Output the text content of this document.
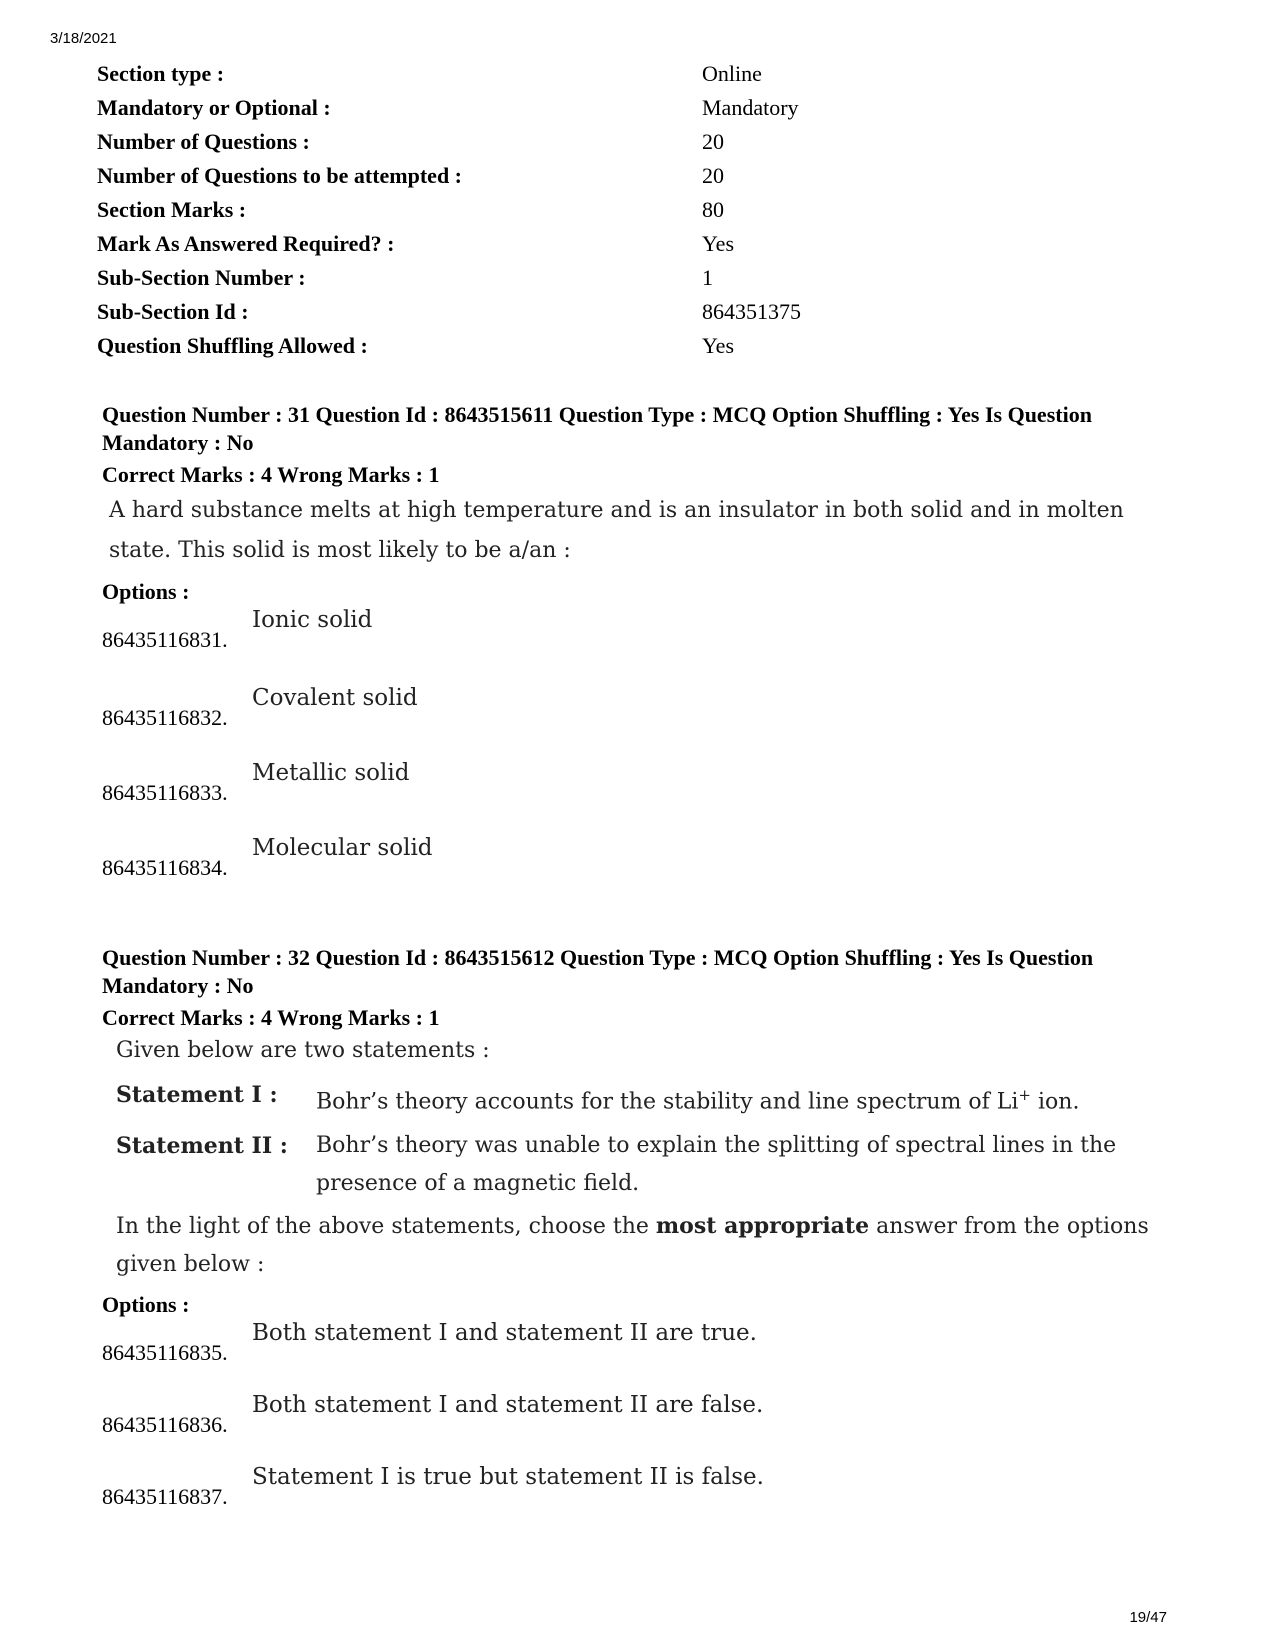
3/18/2021
Section type :	Online
Mandatory or Optional :	Mandatory
Number of Questions :	20
Number of Questions to be attempted :	20
Section Marks :	80
Mark As Answered Required? :	Yes
Sub-Section Number :	1
Sub-Section Id :	864351375
Question Shuffling Allowed :	Yes
Question Number : 31 Question Id : 8643515611 Question Type : MCQ Option Shuffling : Yes Is Question Mandatory : No
Correct Marks : 4 Wrong Marks : 1
A hard substance melts at high temperature and is an insulator in both solid and in molten state. This solid is most likely to be a/an :
Options :
86435116831.
Ionic solid
86435116832.
Covalent solid
86435116833.
Metallic solid
86435116834.
Molecular solid
Question Number : 32 Question Id : 8643515612 Question Type : MCQ Option Shuffling : Yes Is Question Mandatory : No
Correct Marks : 4 Wrong Marks : 1
Given below are two statements :
Statement I :	Bohr’s theory accounts for the stability and line spectrum of Li+ ion.
Statement II :	Bohr’s theory was unable to explain the splitting of spectral lines in the presence of a magnetic field.
In the light of the above statements, choose the most appropriate answer from the options given below :
Options :
86435116835.
Both statement I and statement II are true.
86435116836.
Both statement I and statement II are false.
86435116837.
Statement I is true but statement II is false.
19/47
